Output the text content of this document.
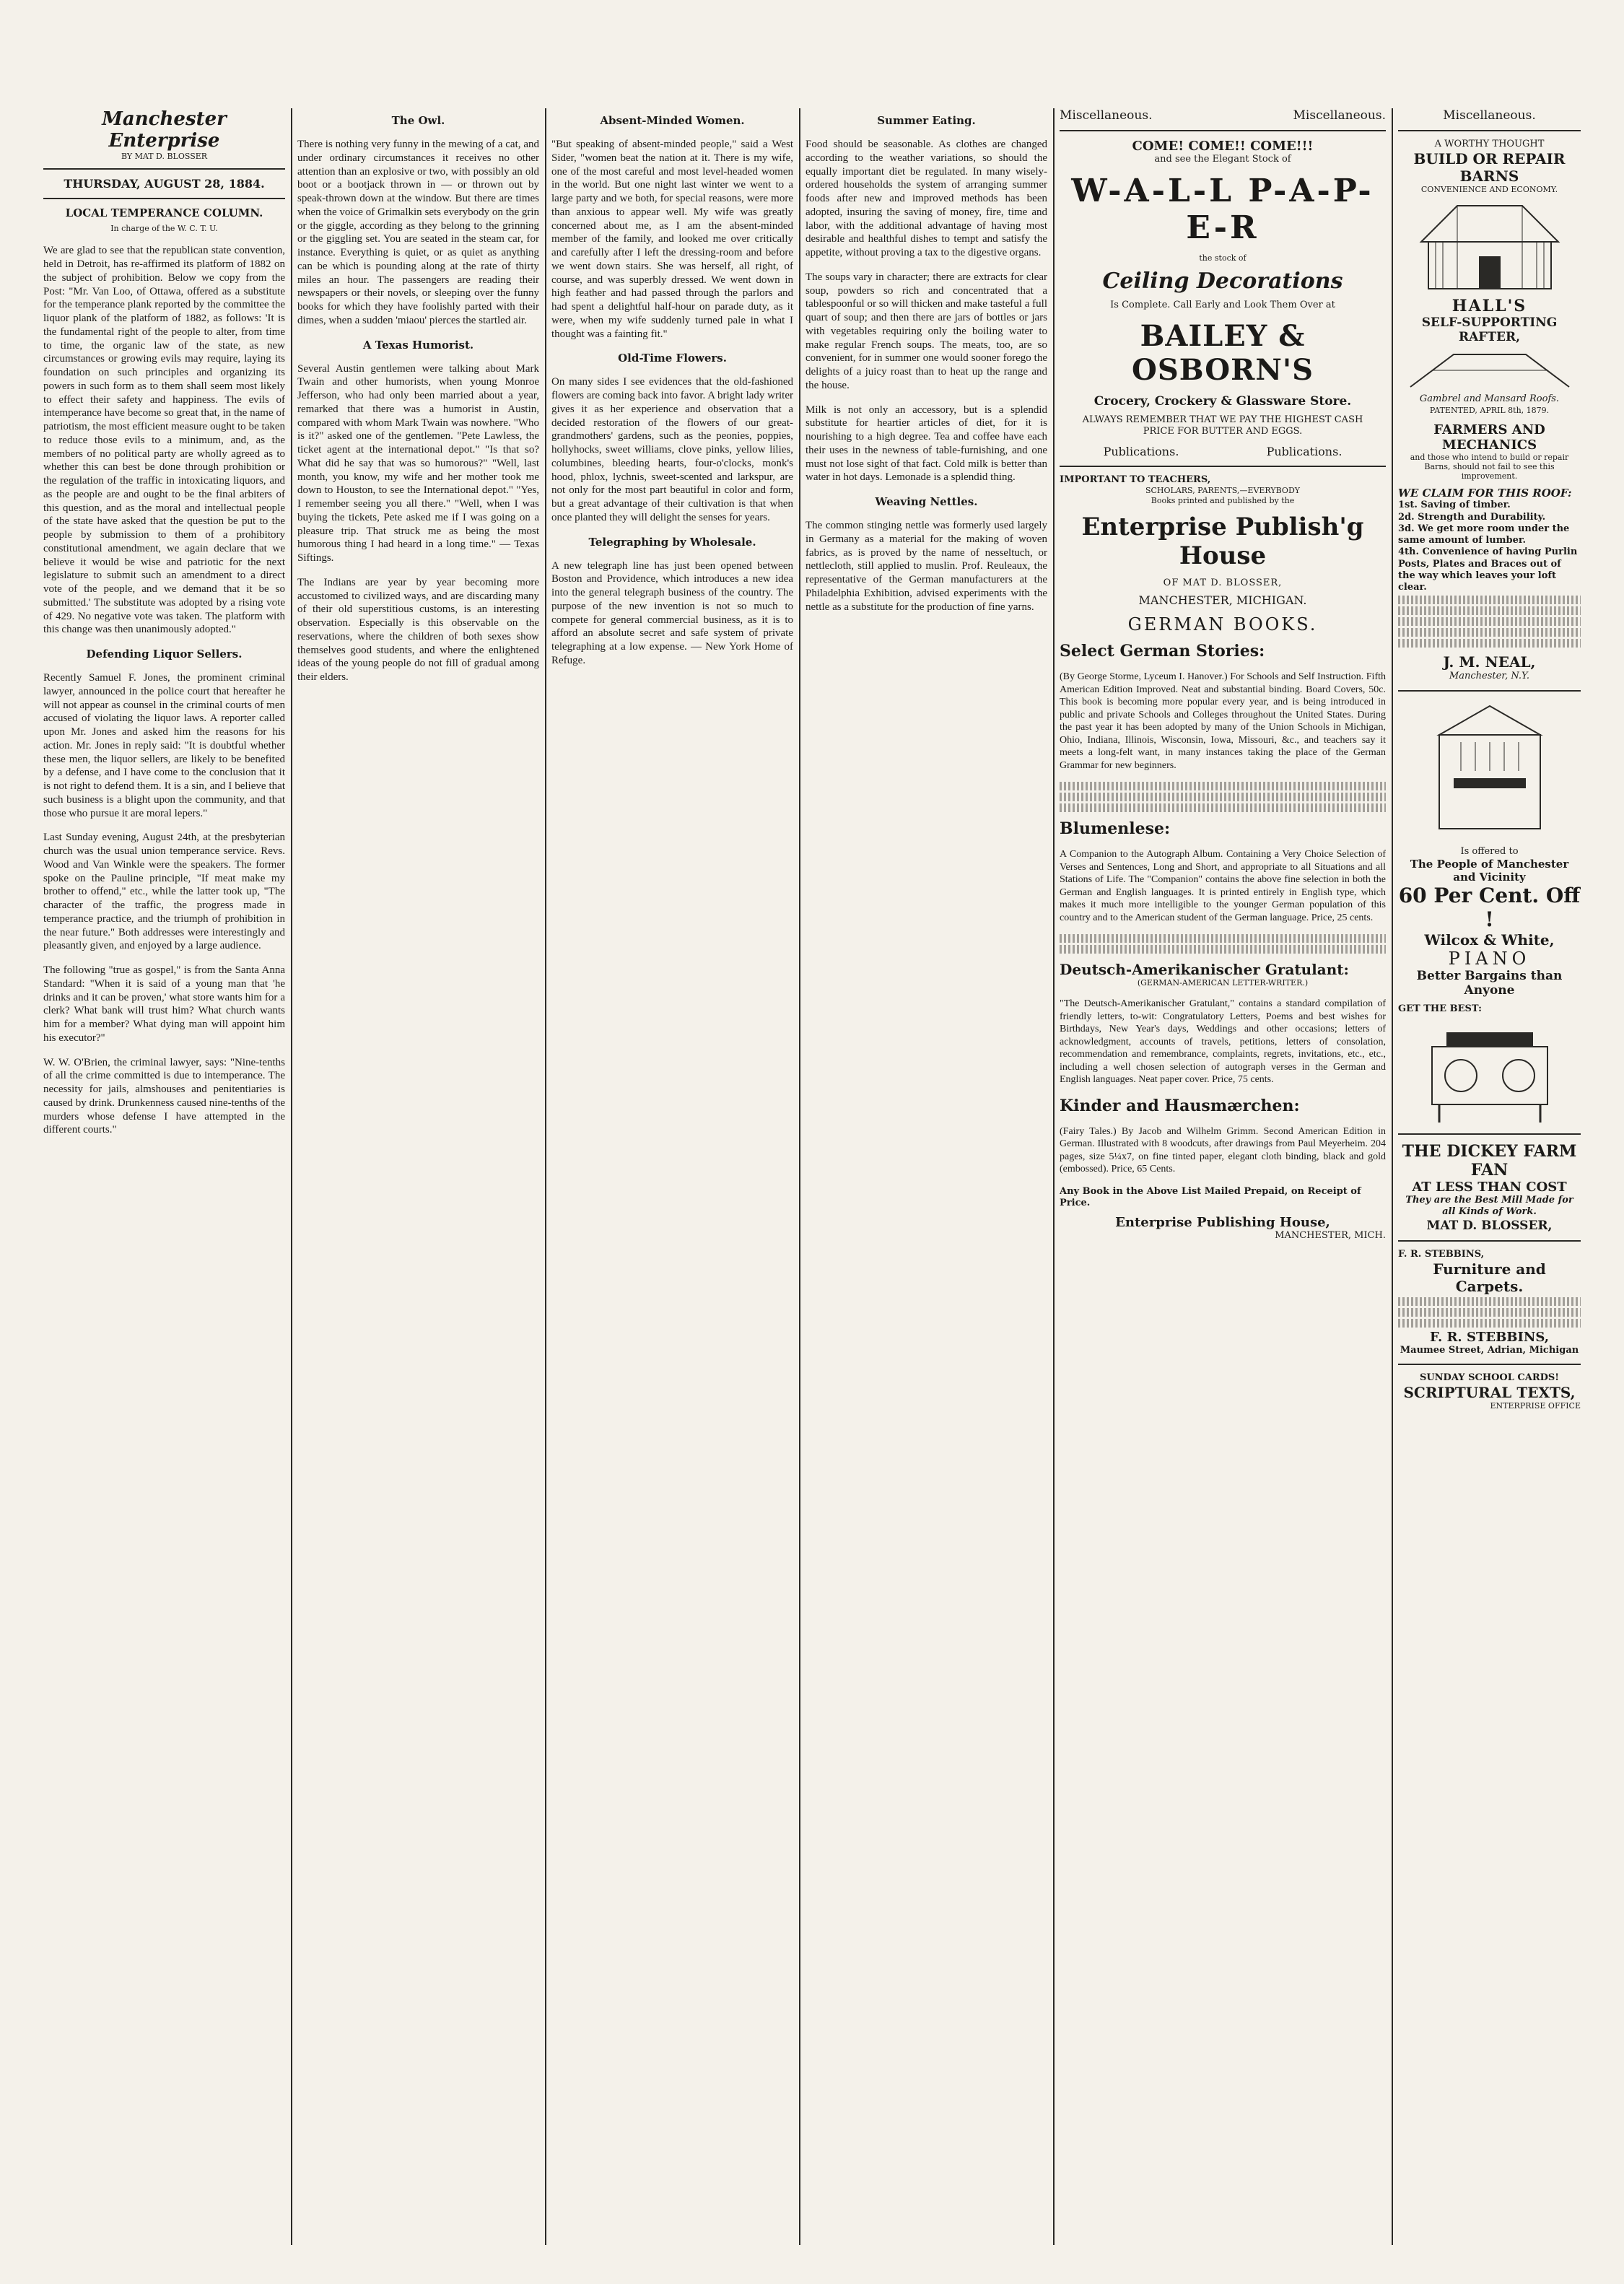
Manchester Enterprise
BY MAT D. BLOSSER
THURSDAY, AUGUST 28, 1884.
LOCAL TEMPERANCE COLUMN.
In charge of the W. C. T. U.

We are glad to see that the republican state convention, held in Detroit, has re-affirmed its platform of 1882 on the subject of prohibition. Below we copy from the Post: "Mr. Van Loo, of Ottawa, offered as a substitute for the temperance plank reported by the committee the liquor plank of the platform of 1882, as follows: 'It is the fundamental right of the people to alter, from time to time, the organic law of the state, as new circumstances or growing evils may require, laying its foundation on such principles and organizing its powers in such form as to them shall seem most likely to effect their safety and happiness. The evils of intemperance have become so great that, in the name of patriotism, the most efficient measure ought to be taken to reduce those evils to a minimum, and, as the members of no political party are wholly agreed as to whether this can best be done through prohibition or the regulation of the traffic in intoxicating liquors, and as the people are and ought to be the final arbiters of this question, and as the moral and intellectual people of the state have asked that the question be put to the people by submission to them of a prohibitory constitutional amendment, we again declare that we believe it would be wise and patriotic for the next legislature to submit such an amendment to a direct vote of the people, and we demand that it be so submitted.' The substitute was adopted by a rising vote of 429. No negative vote was taken. The platform with this change was then unanimously adopted."

Defending Liquor Sellers.

Recently Samuel F. Jones, the prominent criminal lawyer, announced in the police court that hereafter he will not appear as counsel in the criminal courts of men accused of violating the liquor laws. A reporter called upon Mr. Jones and asked him the reasons for his action. Mr. Jones in reply said: "It is doubtful whether these men, the liquor sellers, are likely to be benefited by a defense, and I have come to the conclusion that it is not right to defend them. It is a sin, and I believe that such business is a blight upon the community, and that those who pursue it are moral lepers."

Last Sunday evening, August 24th, at the presbyterian church was the usual union temperance service. Revs. Wood and Van Winkle were the speakers. The former spoke on the Pauline principle, "If meat make my brother to offend," etc., while the latter took up, "The character of the traffic, the progress made in temperance practice, and the triumph of prohibition in the near future." Both addresses were interestingly and pleasantly given, and enjoyed by a large audience.

The following "true as gospel," is from the Santa Anna Standard: "When it is said of a young man that 'he drinks and it can be proven,' what store wants him for a clerk? What bank will trust him? What church wants him for a member? What dying man will appoint him his executor?"

W. W. O'Brien, the criminal lawyer, says: "Nine-tenths of all the crime committed is due to intemperance. The necessity for jails, almshouses and penitentiaries is caused by drink. Drunkenness caused nine-tenths of the murders whose defense I have attempted in the different courts."

The Owl.

There is nothing very funny in the mewing of a cat, and under ordinary circumstances it receives no other attention than an explosive or two, with possibly an old boot or a bootjack thrown in — or thrown out by speak-thrown down at the window. But there are times when the voice of Grimalkin sets everybody on the grin or the giggle, according as they belong to the grinning or the giggling set. You are seated in the steam car, for instance. Everything is quiet, or as quiet as anything can be which is pounding along at the rate of thirty miles an hour. The passengers are reading their newspapers or their novels, or sleeping over the funny books for which they have foolishly parted with their dimes, when a sudden 'miaou' pierces the startled air.

A Texas Humorist.

Several Austin gentlemen were talking about Mark Twain and other humorists, when young Monroe Jefferson, who had only been married about a year, remarked that there was a humorist in Austin, compared with whom Mark Twain was nowhere. "Who is it?" asked one of the gentlemen. "Pete Lawless, the ticket agent at the international depot." "Is that so? What did he say that was so humorous?" "Well, last month, you know, my wife and her mother took me down to Houston, to see the International depot." "Yes, I remember seeing you all there." "Well, when I was buying the tickets, Pete asked me if I was going on a pleasure trip. That struck me as being the most humorous thing I had heard in a long time." — Texas Siftings.

The Indians are year by year becoming more accustomed to civilized ways, and are discarding many of their old superstitious customs, is an interesting observation. Especially is this observable on the reservations, where the children of both sexes show themselves good students, and where the enlightened ideas of the young people do not fill of gradual among their elders.

Absent-Minded Women.

"But speaking of absent-minded people," said a West Sider, "women beat the nation at it. There is my wife, one of the most careful and most level-headed women in the world. But one night last winter we went to a large party and we both, for special reasons, were more than anxious to appear well. My wife was greatly concerned about me, as I am the absent-minded member of the family, and looked me over critically and carefully after I left the dressing-room and before we went down stairs. She was herself, all right, of course, and was superbly dressed. We went down in high feather and had passed through the parlors and had spent a delightful half-hour on parade duty, as it were, when my wife suddenly turned pale in what I thought was a fainting fit."

Old-Time Flowers.

On many sides I see evidences that the old-fashioned flowers are coming back into favor. A bright lady writer gives it as her experience and observation that a decided restoration of the flowers of our great-grandmothers' gardens, such as the peonies, poppies, hollyhocks, sweet williams, clove pinks, yellow lilies, columbines, bleeding hearts, four-o'clocks, monk's hood, phlox, lychnis, sweet-scented and larkspur, are not only for the most part beautiful in color and form, but a great advantage of their cultivation is that when once planted they will delight the senses for years.

Telegraphing by Wholesale.

A new telegraph line has just been opened between Boston and Providence, which introduces a new idea into the general telegraph business of the country. The purpose of the new invention is not so much to compete for general commercial business, as it is to afford an absolute secret and safe system of private telegraphing at a low expense. — New York Home of Refuge.

Summer Eating.

Food should be seasonable. As clothes are changed according to the weather variations, so should the equally important diet be regulated. In many wisely-ordered households the system of arranging summer foods after new and improved methods has been adopted, insuring the saving of money, fire, time and labor, with the additional advantage of having most desirable and healthful dishes to tempt and satisfy the appetite, without proving a tax to the digestive organs.

The soups vary in character; there are extracts for clear soup, powders so rich and concentrated that a tablespoonful or so will thicken and make tasteful a full quart of soup; and then there are jars of bottles or jars with vegetables requiring only the boiling water to make regular French soups. The meats, too, are so convenient, for in summer one would sooner forego the delights of a juicy roast than to heat up the range and the house.

Milk is not only an accessory, but is a splendid substitute for heartier articles of diet, for it is nourishing to a high degree. Tea and coffee have each their uses in the newness of table-furnishing, and one must not lose sight of that fact. Cold milk is better than water in hot days. Lemonade is a splendid thing.

Weaving Nettles.

The common stinging nettle was formerly used largely in Germany as a material for the making of woven fabrics, as is proved by the name of nesseltuch, or nettlecloth, still applied to muslin. Prof. Reuleaux, the representative of the German manufacturers at the Philadelphia Exhibition, advised experiments with the nettle as a substitute for the production of fine yarns.

Miscellaneous.	Miscellaneous.
COME! COME!! COME!!!
and see the Elegant Stock of
W-A-L-L P-A-P-E-R
the stock of
Ceiling Decorations
Is Complete. Call Early and Look Them Over at
BAILEY & OSBORN'S
Crocery, Crockery & Glassware Store.
ALWAYS REMEMBER THAT WE PAY THE HIGHEST CASH
PRICE FOR BUTTER AND EGGS.
Publications.	Publications.
IMPORTANT TO TEACHERS,
SCHOLARS, PARENTS,—EVERYBODY
Books printed and published by the
Enterprise Publish'g House
OF MAT D. BLOSSER,
MANCHESTER, MICHIGAN.
GERMAN BOOKS.
Select German Stories:

(By George Storme, Lyceum I. Hanover.) For Schools and Self Instruction. Fifth American Edition Improved. Neat and substantial binding. Board Covers, 50c. This book is becoming more popular every year, and is being introduced in public and private Schools and Colleges throughout the United States. During the past year it has been adopted by many of the Union Schools in Michigan, Ohio, Indiana, Illinois, Wisconsin, Iowa, Missouri, &c., and teachers say it meets a long-felt want, in many instances taking the place of the German Grammar for new beginners.

Blumenlese:

A Companion to the Autograph Album. Containing a Very Choice Selection of Verses and Sentences, Long and Short, and appropriate to all Situations and all Stations of Life. The "Companion" contains the above fine selection in both the German and English languages. It is printed entirely in English type, which makes it much more intelligible to the younger German population of this country and to the American student of the German language. Price, 25 cents.

Deutsch-Amerikanischer Gratulant:
(GERMAN-AMERICAN LETTER-WRITER.)

"The Deutsch-Amerikanischer Gratulant," contains a standard compilation of friendly letters, to-wit: Congratulatory Letters, Poems and best wishes for Birthdays, New Year's days, Weddings and other occasions; letters of acknowledgment, accounts of travels, petitions, letters of consolation, recommendation and remembrance, complaints, regrets, invitations, etc., etc., including a well chosen selection of autograph verses in the German and English languages. Neat paper cover. Price, 75 cents.

Kinder and Hausmærchen:

(Fairy Tales.) By Jacob and Wilhelm Grimm. Second American Edition in German. Illustrated with 8 woodcuts, after drawings from Paul Meyerheim. 204 pages, size 5¼x7, on fine tinted paper, elegant cloth binding, black and gold (embossed). Price, 65 Cents.

Any Book in the Above List Mailed Prepaid, on Receipt of Price.
Enterprise Publishing House,
MANCHESTER, MICH.
Miscellaneous.
A WORTHY THOUGHT
BUILD OR REPAIR BARNS
CONVENIENCE AND ECONOMY.
HALL'S
SELF-SUPPORTING RAFTER,
Gambrel and Mansard Roofs.
PATENTED, APRIL 8th, 1879.
FARMERS AND MECHANICS
and those who intend to build or repair Barns, should not fail to see this improvement.
WE CLAIM FOR THIS ROOF:
1st. Saving of timber.
2d. Strength and Durability.
3d. We get more room under the same amount of lumber.
4th. Convenience of having Purlin Posts, Plates and Braces out of the way which leaves your loft clear.
J. M. NEAL,
Manchester, N.Y.
Is offered to
The People of Manchester and Vicinity
60 Per Cent. Off !
Wilcox & White,
PIANO
Better Bargains than Anyone
GET THE BEST:
THE DICKEY FARM FAN
AT LESS THAN COST
They are the Best Mill Made for all Kinds of Work.
MAT D. BLOSSER,
F. R. STEBBINS,
Furniture and Carpets.
F. R. STEBBINS,
Maumee Street, Adrian, Michigan
SUNDAY SCHOOL CARDS!
SCRIPTURAL TEXTS,
ENTERPRISE OFFICE
